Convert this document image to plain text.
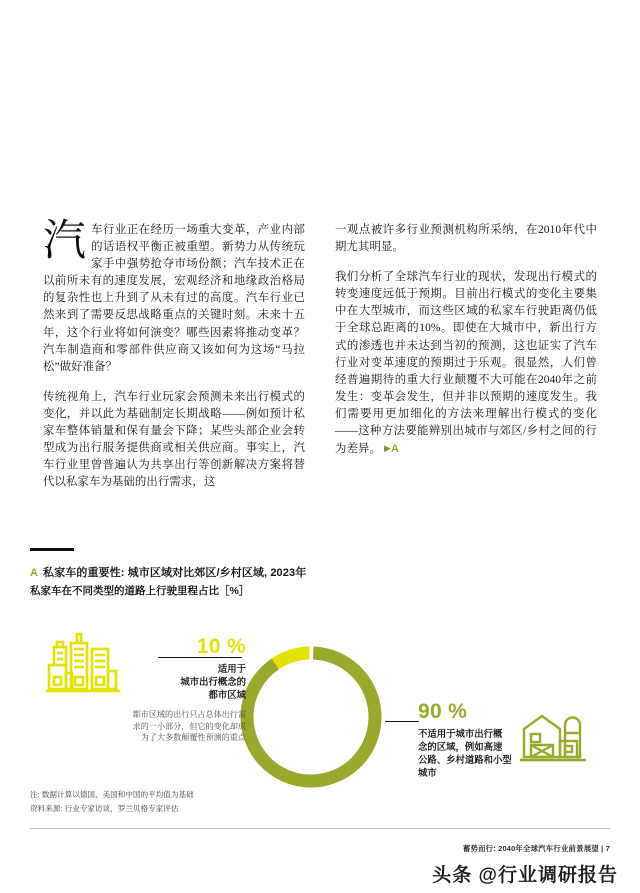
汽车行业正在经历一场重大变革，产业内部的话语权平衡正被重塑。新势力从传统玩家手中强势抢夺市场份额；汽车技术正在以前所未有的速度发展，宏观经济和地缘政治格局的复杂性也上升到了从未有过的高度。汽车行业已然来到了需要反思战略重点的关键时刻。未来十五年，这个行业将如何演变？哪些因素将推动变革？汽车制造商和零部件供应商又该如何为这场“马拉松”做好准备？

传统视角上，汽车行业玩家会预测未来出行模式的变化，并以此为基础制定长期战略——例如预计私家车整体销量和保有量会下降；某些头部企业会转型成为出行服务提供商或相关供应商。事实上，汽车行业里曾普遍认为共享出行等创新解决方案将替代以私家车为基础的出行需求，这

一观点被许多行业预测机构所采纳，在2010年代中期尤其明显。

我们分析了全球汽车行业的现状，发现出行模式的转变速度远低于预期。目前出行模式的变化主要集中在大型城市，而这些区域的私家车行驶距离仍低于全球总距离的10%。即使在大城市中，新出行方式的渗透也并未达到当初的预测，这也证实了汽车行业对变革速度的预期过于乐观。很显然，人们曾经普遍期待的重大行业颠覆不大可能在2040年之前发生：变革会发生，但并非以预期的速度发生。我们需要用更加细化的方法来理解出行模式的变化——这种方法要能辨别出城市与郊区/乡村之间的行为差异。 ▶A

A 私家车的重要性: 城市区域对比郊区/乡村区域, 2023年
私家车在不同类型的道路上行驶里程占比［%］
10 %
适用于
城市出行概念的
都市区域
都市区域的出行只占总体出行需求的一小部分，但它的变化却成为了大多数颠覆性预测的重点
90 %
不适用于城市出行概
念的区域，例如高速
公路、乡村道路和小型
城市
注: 数据计算以德国、美国和中国的平均值为基础
资料来源: 行业专家访谈，罗兰贝格专家评估
蓄势而行: 2040年全球汽车行业前景展望 | 7
头条 @行业调研报告
